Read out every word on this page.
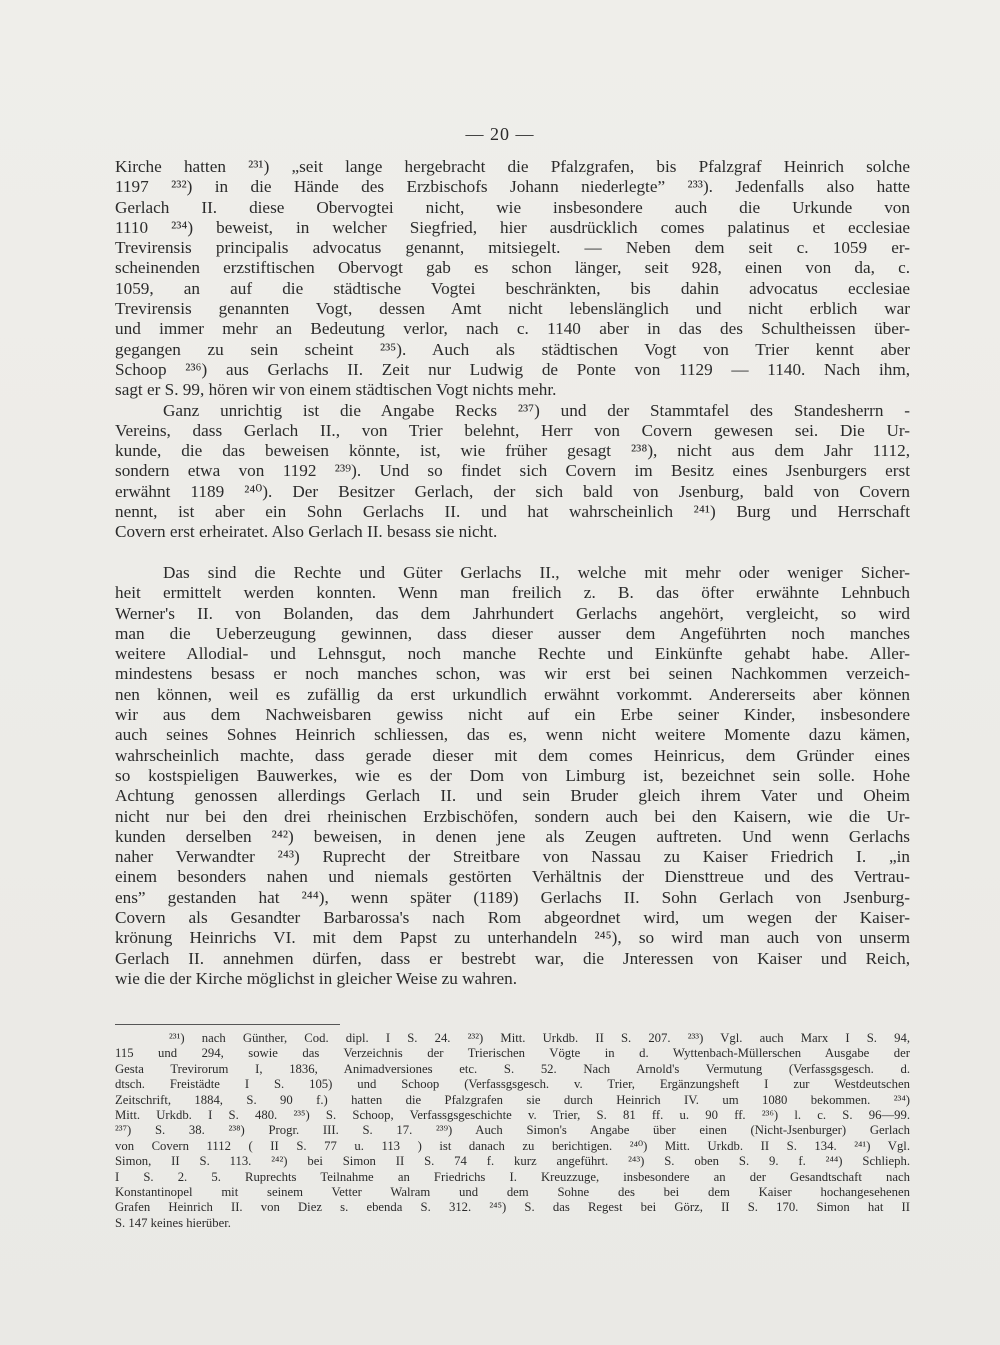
— 20 —
Kirche hatten ²³¹) „seit lange hergebracht die Pfalzgrafen, bis Pfalzgraf Heinrich solche
1197 ²³²) in die Hände des Erzbischofs Johann niederlegte” ²³³). Jedenfalls also hatte
Gerlach II. diese Obervogtei nicht, wie insbesondere auch die Urkunde von
1110 ²³⁴) beweist, in welcher Siegfried, hier ausdrücklich comes palatinus et ecclesiae
Trevirensis principalis advocatus genannt, mitsiegelt. — Neben dem seit c. 1059 er-
scheinenden erzstiftischen Obervogt gab es schon länger, seit 928, einen von da, c.
1059, an auf die städtische Vogtei beschränkten, bis dahin advocatus ecclesiae
Trevirensis genannten Vogt, dessen Amt nicht lebenslänglich und nicht erblich war
und immer mehr an Bedeutung verlor, nach c. 1140 aber in das des Schultheissen über-
gegangen zu sein scheint ²³⁵). Auch als städtischen Vogt von Trier kennt aber
Schoop ²³⁶) aus Gerlachs II. Zeit nur Ludwig de Ponte von 1129 — 1140. Nach ihm,
sagt er S. 99, hören wir von einem städtischen Vogt nichts mehr.
Ganz unrichtig ist die Angabe Recks ²³⁷) und der Stammtafel des Standesherrn -
Vereins, dass Gerlach II., von Trier belehnt, Herr von Covern gewesen sei. Die Ur-
kunde, die das beweisen könnte, ist, wie früher gesagt ²³⁸), nicht aus dem Jahr 1112,
sondern etwa von 1192 ²³⁹). Und so findet sich Covern im Besitz eines Jsenburgers erst
erwähnt 1189 ²⁴⁰). Der Besitzer Gerlach, der sich bald von Jsenburg, bald von Covern
nennt, ist aber ein Sohn Gerlachs II. und hat wahrscheinlich ²⁴¹) Burg und Herrschaft
Covern erst erheiratet. Also Gerlach II. besass sie nicht.
Das sind die Rechte und Güter Gerlachs II., welche mit mehr oder weniger Sicher-
heit ermittelt werden konnten. Wenn man freilich z. B. das öfter erwähnte Lehnbuch
Werner's II. von Bolanden, das dem Jahrhundert Gerlachs angehört, vergleicht, so wird
man die Ueberzeugung gewinnen, dass dieser ausser dem Angeführten noch manches
weitere Allodial- und Lehnsgut, noch manche Rechte und Einkünfte gehabt habe. Aller-
mindestens besass er noch manches schon, was wir erst bei seinen Nachkommen verzeich-
nen können, weil es zufällig da erst urkundlich erwähnt vorkommt. Andererseits aber können
wir aus dem Nachweisbaren gewiss nicht auf ein Erbe seiner Kinder, insbesondere
auch seines Sohnes Heinrich schliessen, das es, wenn nicht weitere Momente dazu kämen,
wahrscheinlich machte, dass gerade dieser mit dem comes Heinricus, dem Gründer eines
so kostspieligen Bauwerkes, wie es der Dom von Limburg ist, bezeichnet sein solle. Hohe
Achtung genossen allerdings Gerlach II. und sein Bruder gleich ihrem Vater und Oheim
nicht nur bei den drei rheinischen Erzbischöfen, sondern auch bei den Kaisern, wie die Ur-
kunden derselben ²⁴²) beweisen, in denen jene als Zeugen auftreten. Und wenn Gerlachs
naher Verwandter ²⁴³) Ruprecht der Streitbare von Nassau zu Kaiser Friedrich I. „in
einem besonders nahen und niemals gestörten Verhältnis der Diensttreue und des Vertrau-
ens” gestanden hat ²⁴⁴), wenn später (1189) Gerlachs II. Sohn Gerlach von Jsenburg-
Covern als Gesandter Barbarossa's nach Rom abgeordnet wird, um wegen der Kaiser-
krönung Heinrichs VI. mit dem Papst zu unterhandeln ²⁴⁵), so wird man auch von unserm
Gerlach II. annehmen dürfen, dass er bestrebt war, die Jnteressen von Kaiser und Reich,
wie die der Kirche möglichst in gleicher Weise zu wahren.
²³¹) nach Günther, Cod. dipl. I S. 24. ²³²) Mitt. Urkdb. II S. 207. ²³³) Vgl. auch Marx I S. 94,
115 und 294, sowie das Verzeichnis der Trierischen Vögte in d. Wyttenbach-Müllerschen Ausgabe der
Gesta Trevirorum I, 1836, Animadversiones etc. S. 52. Nach Arnold's Vermutung (Verfassgsgesch. d.
dtsch. Freistädte I S. 105) und Schoop (Verfassgsgesch. v. Trier, Ergänzungsheft I zur Westdeutschen
Zeitschrift, 1884, S. 90 f.) hatten die Pfalzgrafen sie durch Heinrich IV. um 1080 bekommen. ²³⁴)
Mitt. Urkdb. I S. 480. ²³⁵) S. Schoop, Verfassgsgeschichte v. Trier, S. 81 ff. u. 90 ff. ²³⁶) l. c. S. 96—99.
²³⁷) S. 38. ²³⁸) Progr. III. S. 17. ²³⁹) Auch Simon's Angabe über einen (Nicht-Jsenburger) Gerlach
von Covern 1112 ( II S. 77 u. 113 ) ist danach zu berichtigen. ²⁴⁰) Mitt. Urkdb. II S. 134. ²⁴¹) Vgl.
Simon, II S. 113. ²⁴²) bei Simon II S. 74 f. kurz angeführt. ²⁴³) S. oben S. 9. f. ²⁴⁴) Schlieph.
I S. 2. 5. Ruprechts Teilnahme an Friedrichs I. Kreuzzuge, insbesondere an der Gesandtschaft nach
Konstantinopel mit seinem Vetter Walram und dem Sohne des bei dem Kaiser hochangesehenen
Grafen Heinrich II. von Diez s. ebenda S. 312. ²⁴⁵) S. das Regest bei Görz, II S. 170. Simon hat II
S. 147 keines hierüber.
